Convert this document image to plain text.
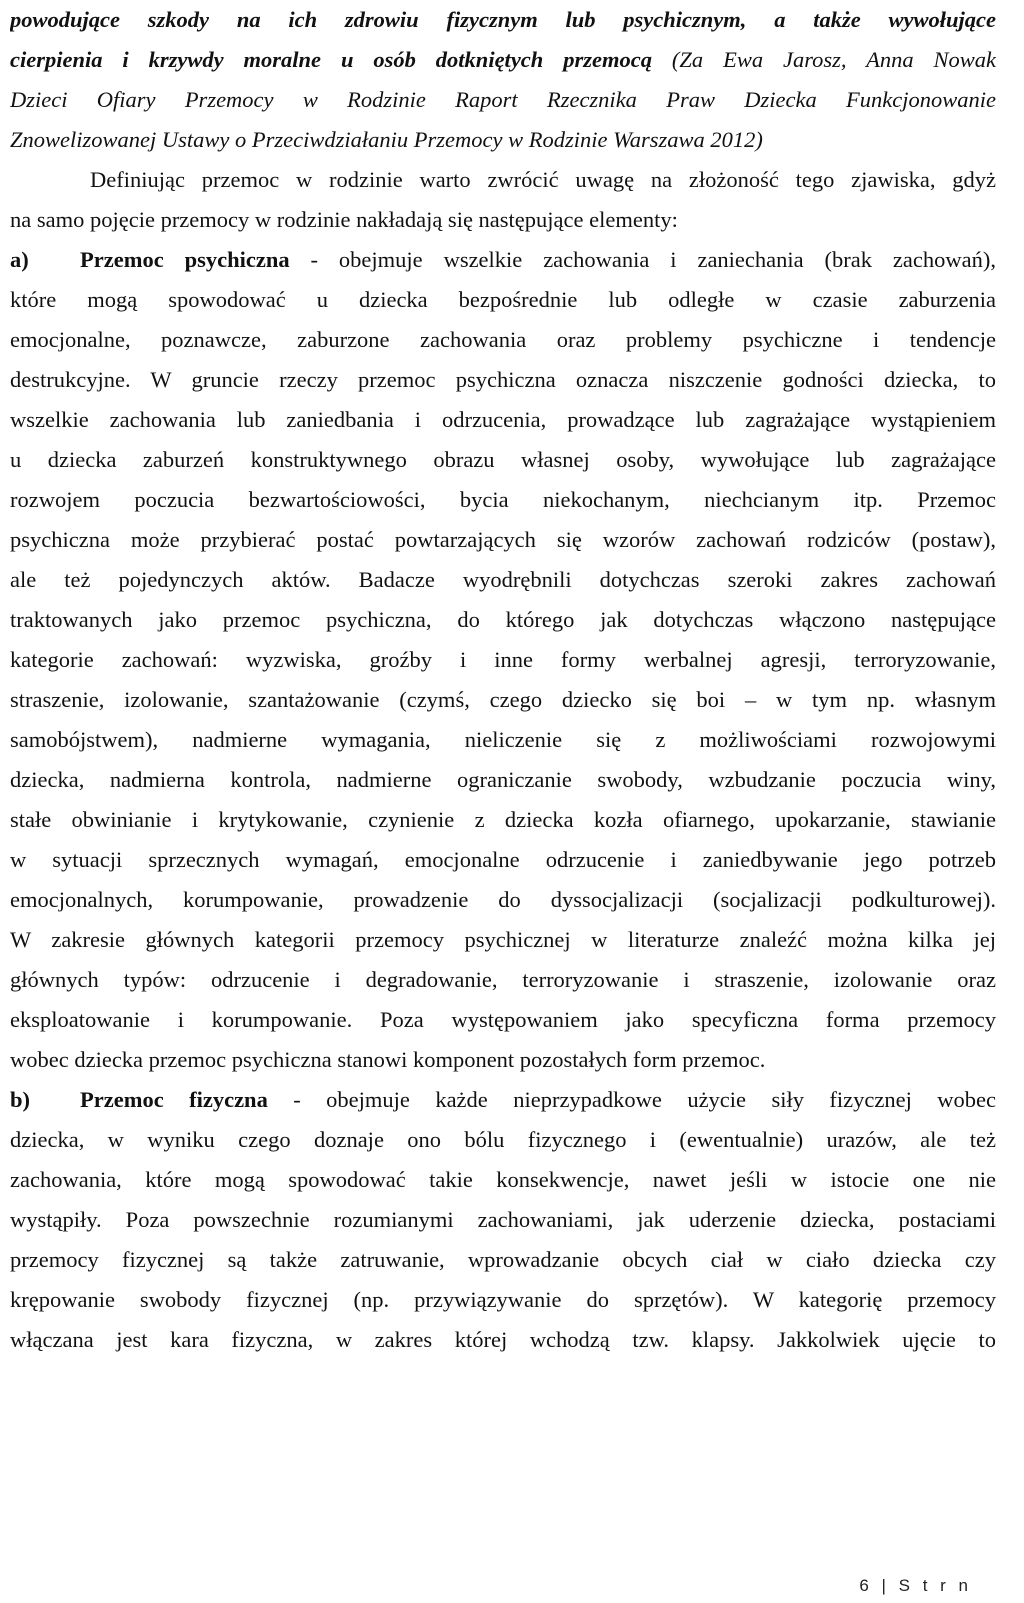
powodujące szkody na ich zdrowiu fizycznym lub psychicznym, a także wywołujące
cierpienia i krzywdy moralne u osób dotkniętych przemocą (Za Ewa Jarosz, Anna Nowak
Dzieci Ofiary Przemocy w Rodzinie Raport Rzecznika Praw Dziecka Funkcjonowanie
Znowelizowanej Ustawy o Przeciwdziałaniu Przemocy w Rodzinie Warszawa 2012)
Definiując przemoc w rodzinie warto zwrócić uwagę na złożoność tego zjawiska, gdyż
na samo pojęcie przemocy w rodzinie nakładają się następujące elementy:
a) Przemoc psychiczna - obejmuje wszelkie zachowania i zaniechania (brak zachowań),
które mogą spowodować u dziecka bezpośrednie lub odległe w czasie zaburzenia
emocjonalne, poznawcze, zaburzone zachowania oraz problemy psychiczne i tendencje
destrukcyjne. W gruncie rzeczy przemoc psychiczna oznacza niszczenie godności dziecka, to
wszelkie zachowania lub zaniedbania i odrzucenia, prowadzące lub zagrażające wystąpieniem
u dziecka zaburzeń konstruktywnego obrazu własnej osoby, wywołujące lub zagrażające
rozwojem poczucia bezwartościowości, bycia niekochanym, niechcianym itp. Przemoc
psychiczna może przybierać postać powtarzających się wzorów zachowań rodziców (postaw),
ale też pojedynczych aktów. Badacze wyodrębnili dotychczas szeroki zakres zachowań
traktowanych jako przemoc psychiczna, do którego jak dotychczas włączono następujące
kategorie zachowań: wyzwiska, groźby i inne formy werbalnej agresji, terroryzowanie,
straszenie, izolowanie, szantażowanie (czymś, czego dziecko się boi – w tym np. własnym
samobójstwem), nadmierne wymagania, nieliczenie się z możliwościami rozwojowymi
dziecka, nadmierna kontrola, nadmierne ograniczanie swobody, wzbudzanie poczucia winy,
stałe obwinianie i krytykowanie, czynienie z dziecka kozła ofiarnego, upokarzanie, stawianie
w sytuacji sprzecznych wymagań, emocjonalne odrzucenie i zaniedbywanie jego potrzeb
emocjonalnych, korumpowanie, prowadzenie do dyssocjalizacji (socjalizacji podkulturowej).
W zakresie głównych kategorii przemocy psychicznej w literaturze znaleźć można kilka jej
głównych typów: odrzucenie i degradowanie, terroryzowanie i straszenie, izolowanie oraz
eksploatowanie i korumpowanie. Poza występowaniem jako specyficzna forma przemocy
wobec dziecka przemoc psychiczna stanowi komponent pozostałych form przemoc.
b) Przemoc fizyczna - obejmuje każde nieprzypadkowe użycie siły fizycznej wobec
dziecka, w wyniku czego doznaje ono bólu fizycznego i (ewentualnie) urazów, ale też
zachowania, które mogą spowodować takie konsekwencje, nawet jeśli w istocie one nie
wystąpiły. Poza powszechnie rozumianymi zachowaniami, jak uderzenie dziecka, postaciami
przemocy fizycznej są także zatruwanie, wprowadzanie obcych ciał w ciało dziecka czy
krępowanie swobody fizycznej (np. przywiązywanie do sprzętów). W kategorię przemocy
włączana jest kara fizyczna, w zakres której wchodzą tzw. klapsy. Jakkolwiek ujęcie to
6 | S t r n
